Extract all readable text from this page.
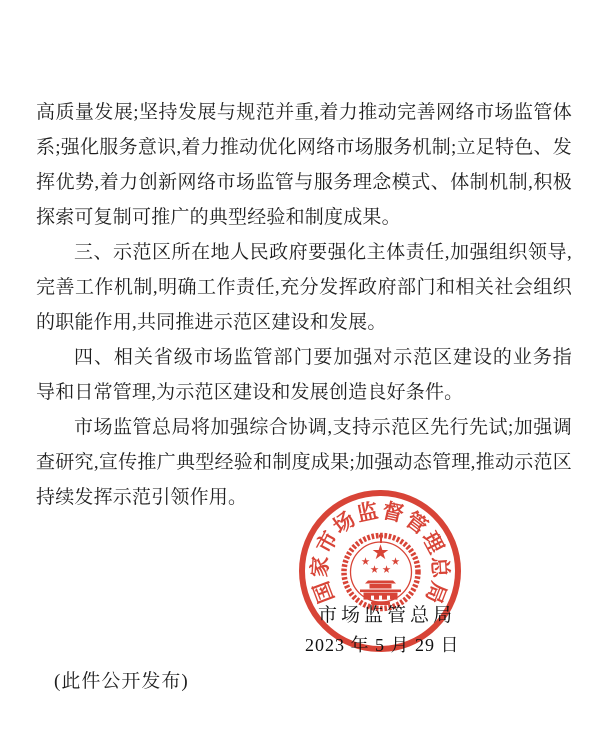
高质量发展;坚持发展与规范并重,着力推动完善网络市场监管体系;强化服务意识,着力推动优化网络市场服务机制;立足特色、发挥优势,着力创新网络市场监管与服务理念模式、体制机制,积极探索可复制可推广的典型经验和制度成果。

三、示范区所在地人民政府要强化主体责任,加强组织领导,完善工作机制,明确工作责任,充分发挥政府部门和相关社会组织的职能作用,共同推进示范区建设和发展。

四、相关省级市场监管部门要加强对示范区建设的业务指导和日常管理,为示范区建设和发展创造良好条件。

市场监管总局将加强综合协调,支持示范区先行先试;加强调查研究,宣传推广典型经验和制度成果;加强动态管理,推动示范区持续发挥示范引领作用。

国家市场监督管理总局
市场监管总局
2023 年 5 月 29 日
(此件公开发布)
